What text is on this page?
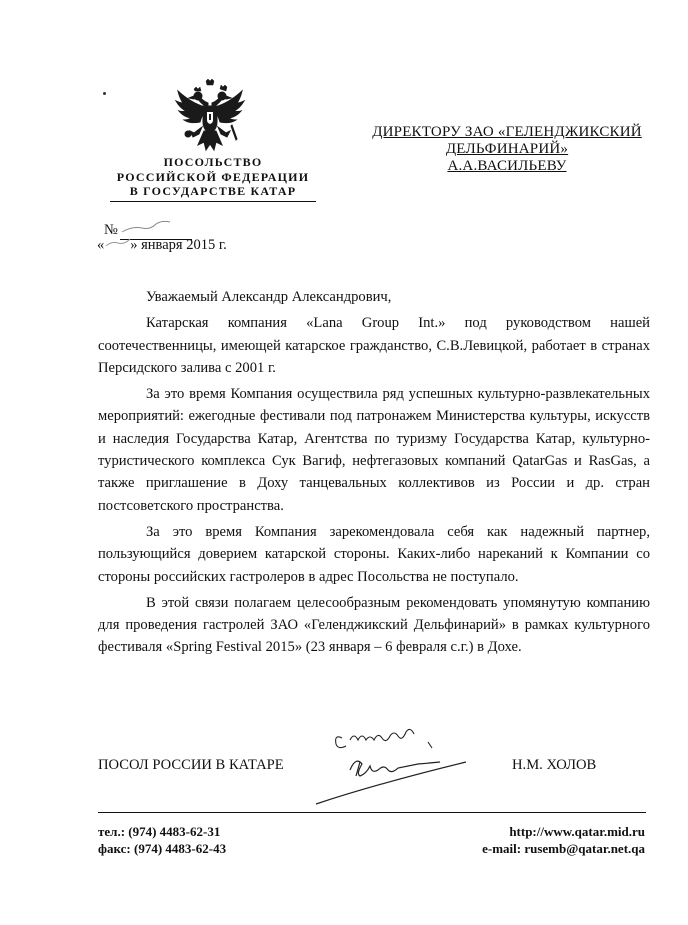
ПОСОЛЬСТВО
РОССИЙСКОЙ ФЕДЕРАЦИИ
В ГОСУДАРСТВЕ КАТАР
ДИРЕКТОРУ ЗАО «ГЕЛЕНДЖИКСКИЙ
ДЕЛЬФИНАРИЙ»
А.А.ВАСИЛЬЕВУ
№
« » января 2015 г.

Уважаемый Александр Александрович,

Катарская компания «Lana Group Int.» под руководством нашей соотечественницы, имеющей катарское гражданство, С.В.Левицкой, работает в странах Персидского залива с 2001 г.

За это время Компания осуществила ряд успешных культурно-развлекательных мероприятий: ежегодные фестивали под патронажем Министерства культуры, искусств и наследия Государства Катар, Агентства по туризму Государства Катар, культурно-туристического комплекса Сук Вагиф, нефтегазовых компаний QatarGas и RasGas, а также приглашение в Доху танцевальных коллективов из России и др. стран постсоветского пространства.

За это время Компания зарекомендовала себя как надежный партнер, пользующийся доверием катарской стороны. Каких-либо нареканий к Компании со стороны российских гастролеров в адрес Посольства не поступало.

В этой связи полагаем целесообразным рекомендовать упомянутую компанию для проведения гастролей ЗАО «Геленджикский Дельфинарий» в рамках культурного фестиваля «Spring Festival 2015» (23 января – 6 февраля с.г.) в Дохе.

ПОСОЛ РОССИИ В КАТАРЕ	Н.М. ХОЛОВ
тел.: (974) 4483-62-31
факс: (974) 4483-62-43
http://www.qatar.mid.ru
e-mail: rusemb@qatar.net.qa
